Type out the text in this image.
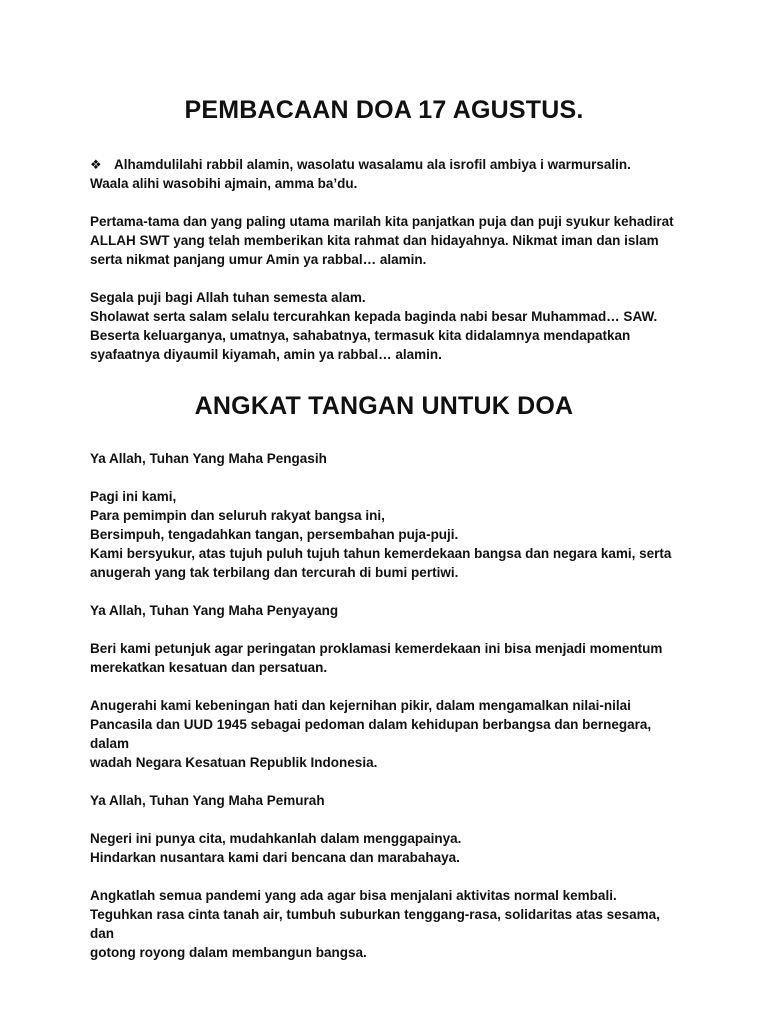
PEMBACAAN DOA 17 AGUSTUS.
❖ Alhamdulilahi rabbil alamin, wasolatu wasalamu ala isrofil ambiya i warmursalin.

Waala alihi wasobihi ajmain, amma ba’du.

Pertama-tama dan yang paling utama marilah kita panjatkan puja dan puji syukur kehadirat
ALLAH SWT yang telah memberikan kita rahmat dan hidayahnya. Nikmat iman dan islam
serta nikmat panjang umur Amin ya rabbal… alamin.

Segala puji bagi Allah tuhan semesta alam.
Sholawat serta salam selalu tercurahkan kepada baginda nabi besar Muhammad… SAW.
Beserta keluarganya, umatnya, sahabatnya, termasuk kita didalamnya mendapatkan
syafaatnya diyaumil kiyamah, amin ya rabbal… alamin.

ANGKAT TANGAN UNTUK DOA

Ya Allah, Tuhan Yang Maha Pengasih

Pagi ini kami,
Para pemimpin dan seluruh rakyat bangsa ini,
Bersimpuh, tengadahkan tangan, persembahan puja-puji.
Kami bersyukur, atas tujuh puluh tujuh tahun kemerdekaan bangsa dan negara kami, serta
anugerah yang tak terbilang dan tercurah di bumi pertiwi.

Ya Allah, Tuhan Yang Maha Penyayang

Beri kami petunjuk agar peringatan proklamasi kemerdekaan ini bisa menjadi momentum
merekatkan kesatuan dan persatuan.

Anugerahi kami kebeningan hati dan kejernihan pikir, dalam mengamalkan nilai-nilai
Pancasila dan UUD 1945 sebagai pedoman dalam kehidupan berbangsa dan bernegara, dalam
wadah Negara Kesatuan Republik Indonesia.

Ya Allah, Tuhan Yang Maha Pemurah

Negeri ini punya cita, mudahkanlah dalam menggapainya.
Hindarkan nusantara kami dari bencana dan marabahaya.

Angkatlah semua pandemi yang ada agar bisa menjalani aktivitas normal kembali.
Teguhkan rasa cinta tanah air, tumbuh suburkan tenggang-rasa, solidaritas atas sesama, dan
gotong royong dalam membangun bangsa.
